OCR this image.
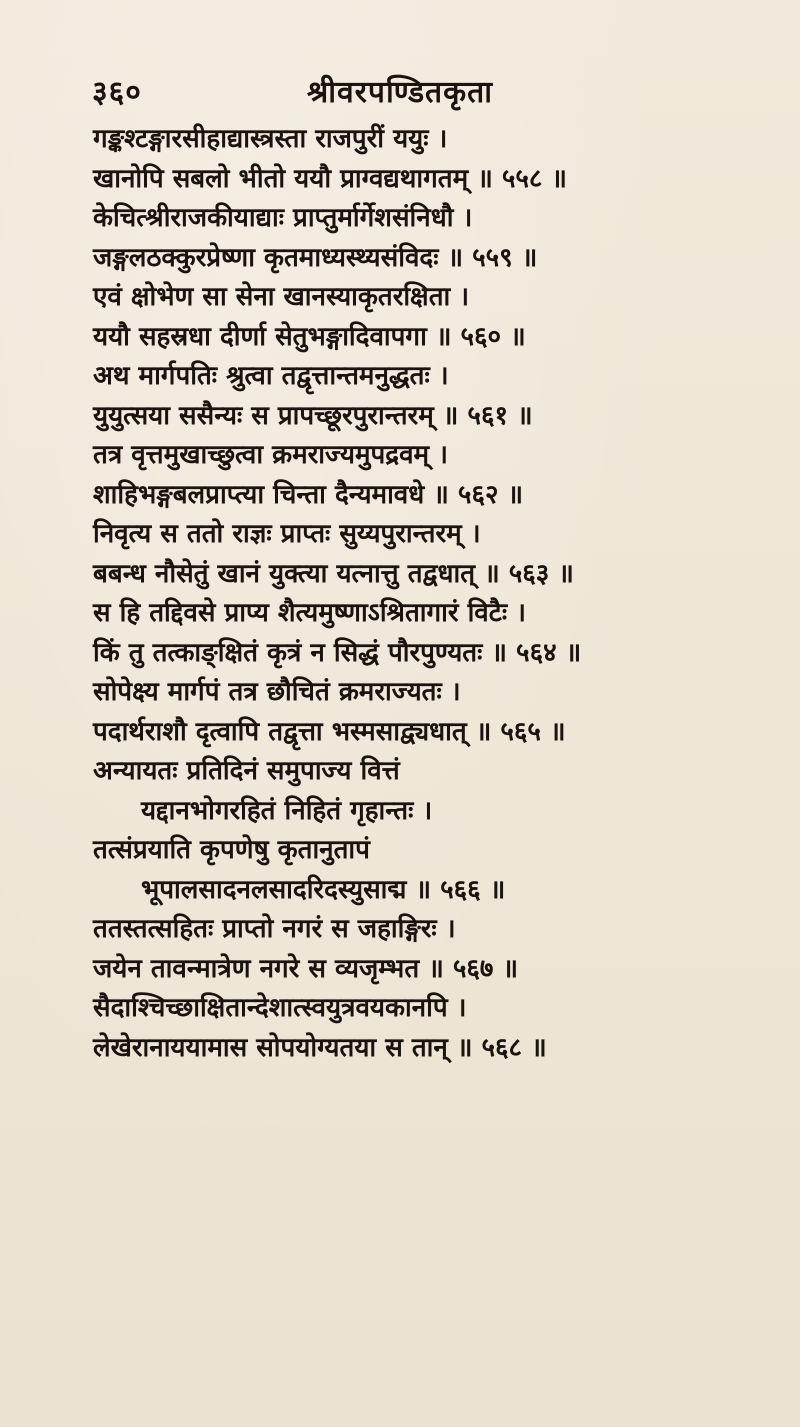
३६०	श्रीवरपण्डितकृता
गङ्कश्टङ्गारसीहाद्यास्त्रस्ता राजपुरीं ययुः ।
खानोपि सबलो भीतो ययौ प्राग्वद्यथागतम् ॥ ५५८ ॥
केचित्श्रीराजकीयाद्याः प्राप्तुर्मार्गेशसंनिधौ ।
जङ्गलठक्कुरप्रेष्णा कृतमाध्यस्थ्यसंविदः ॥ ५५९ ॥
एवं क्षोभेण सा सेना खानस्याकृतरक्षिता ।
ययौ सहस्रधा दीर्णा सेतुभङ्गादिवापगा ॥ ५६० ॥
अथ मार्गपतिः श्रुत्वा तद्वृत्तान्तमनुद्धतः ।
युयुत्सया ससैन्यः स प्रापच्छूरपुरान्तरम् ॥ ५६१ ॥
तत्र वृत्तमुखाच्छुत्वा क्रमराज्यमुपद्रवम् ।
शाहिभङ्गबलप्राप्त्या चिन्ता दैन्यमावधे ॥ ५६२ ॥
निवृत्य स ततो राज्ञः प्राप्तः सुय्यपुरान्तरम् ।
बबन्ध नौसेतुं खानं युक्त्या यत्नात्तु तद्वधात् ॥ ५६३ ॥
स हि तद्दिवसे प्राप्य शैत्यमुष्णाऽश्रितागारं विटैः ।
किं तु तत्काङ्क्षितं कृत्रं न सिद्धं पौरपुण्यतः ॥ ५६४ ॥
सोपेक्ष्य मार्गपं तत्र छौचितं क्रमराज्यतः ।
पदार्थराशौ दृत्वापि तद्वृत्ता भस्मसाद्व्यधात् ॥ ५६५ ॥
अन्यायतः प्रतिदिनं समुपाज्य वित्तं
यद्दानभोगरहितं निहितं गृहान्तः ।
तत्संप्रयाति कृपणेषु कृतानुतापं
भूपालसादनलसादरिदस्युसाद्म ॥ ५६६ ॥
ततस्तत्सहितः प्राप्तो नगरं स जहाङ्गिरः ।
जयेन तावन्मात्रेण नगरे स व्यजृम्भत ॥ ५६७ ॥
सैदाश्चिच्छाक्षितान्देशात्स्वयुत्रवयकानपि ।
लेखेरानाययामास सोपयोग्यतया स तान् ॥ ५६८ ॥
